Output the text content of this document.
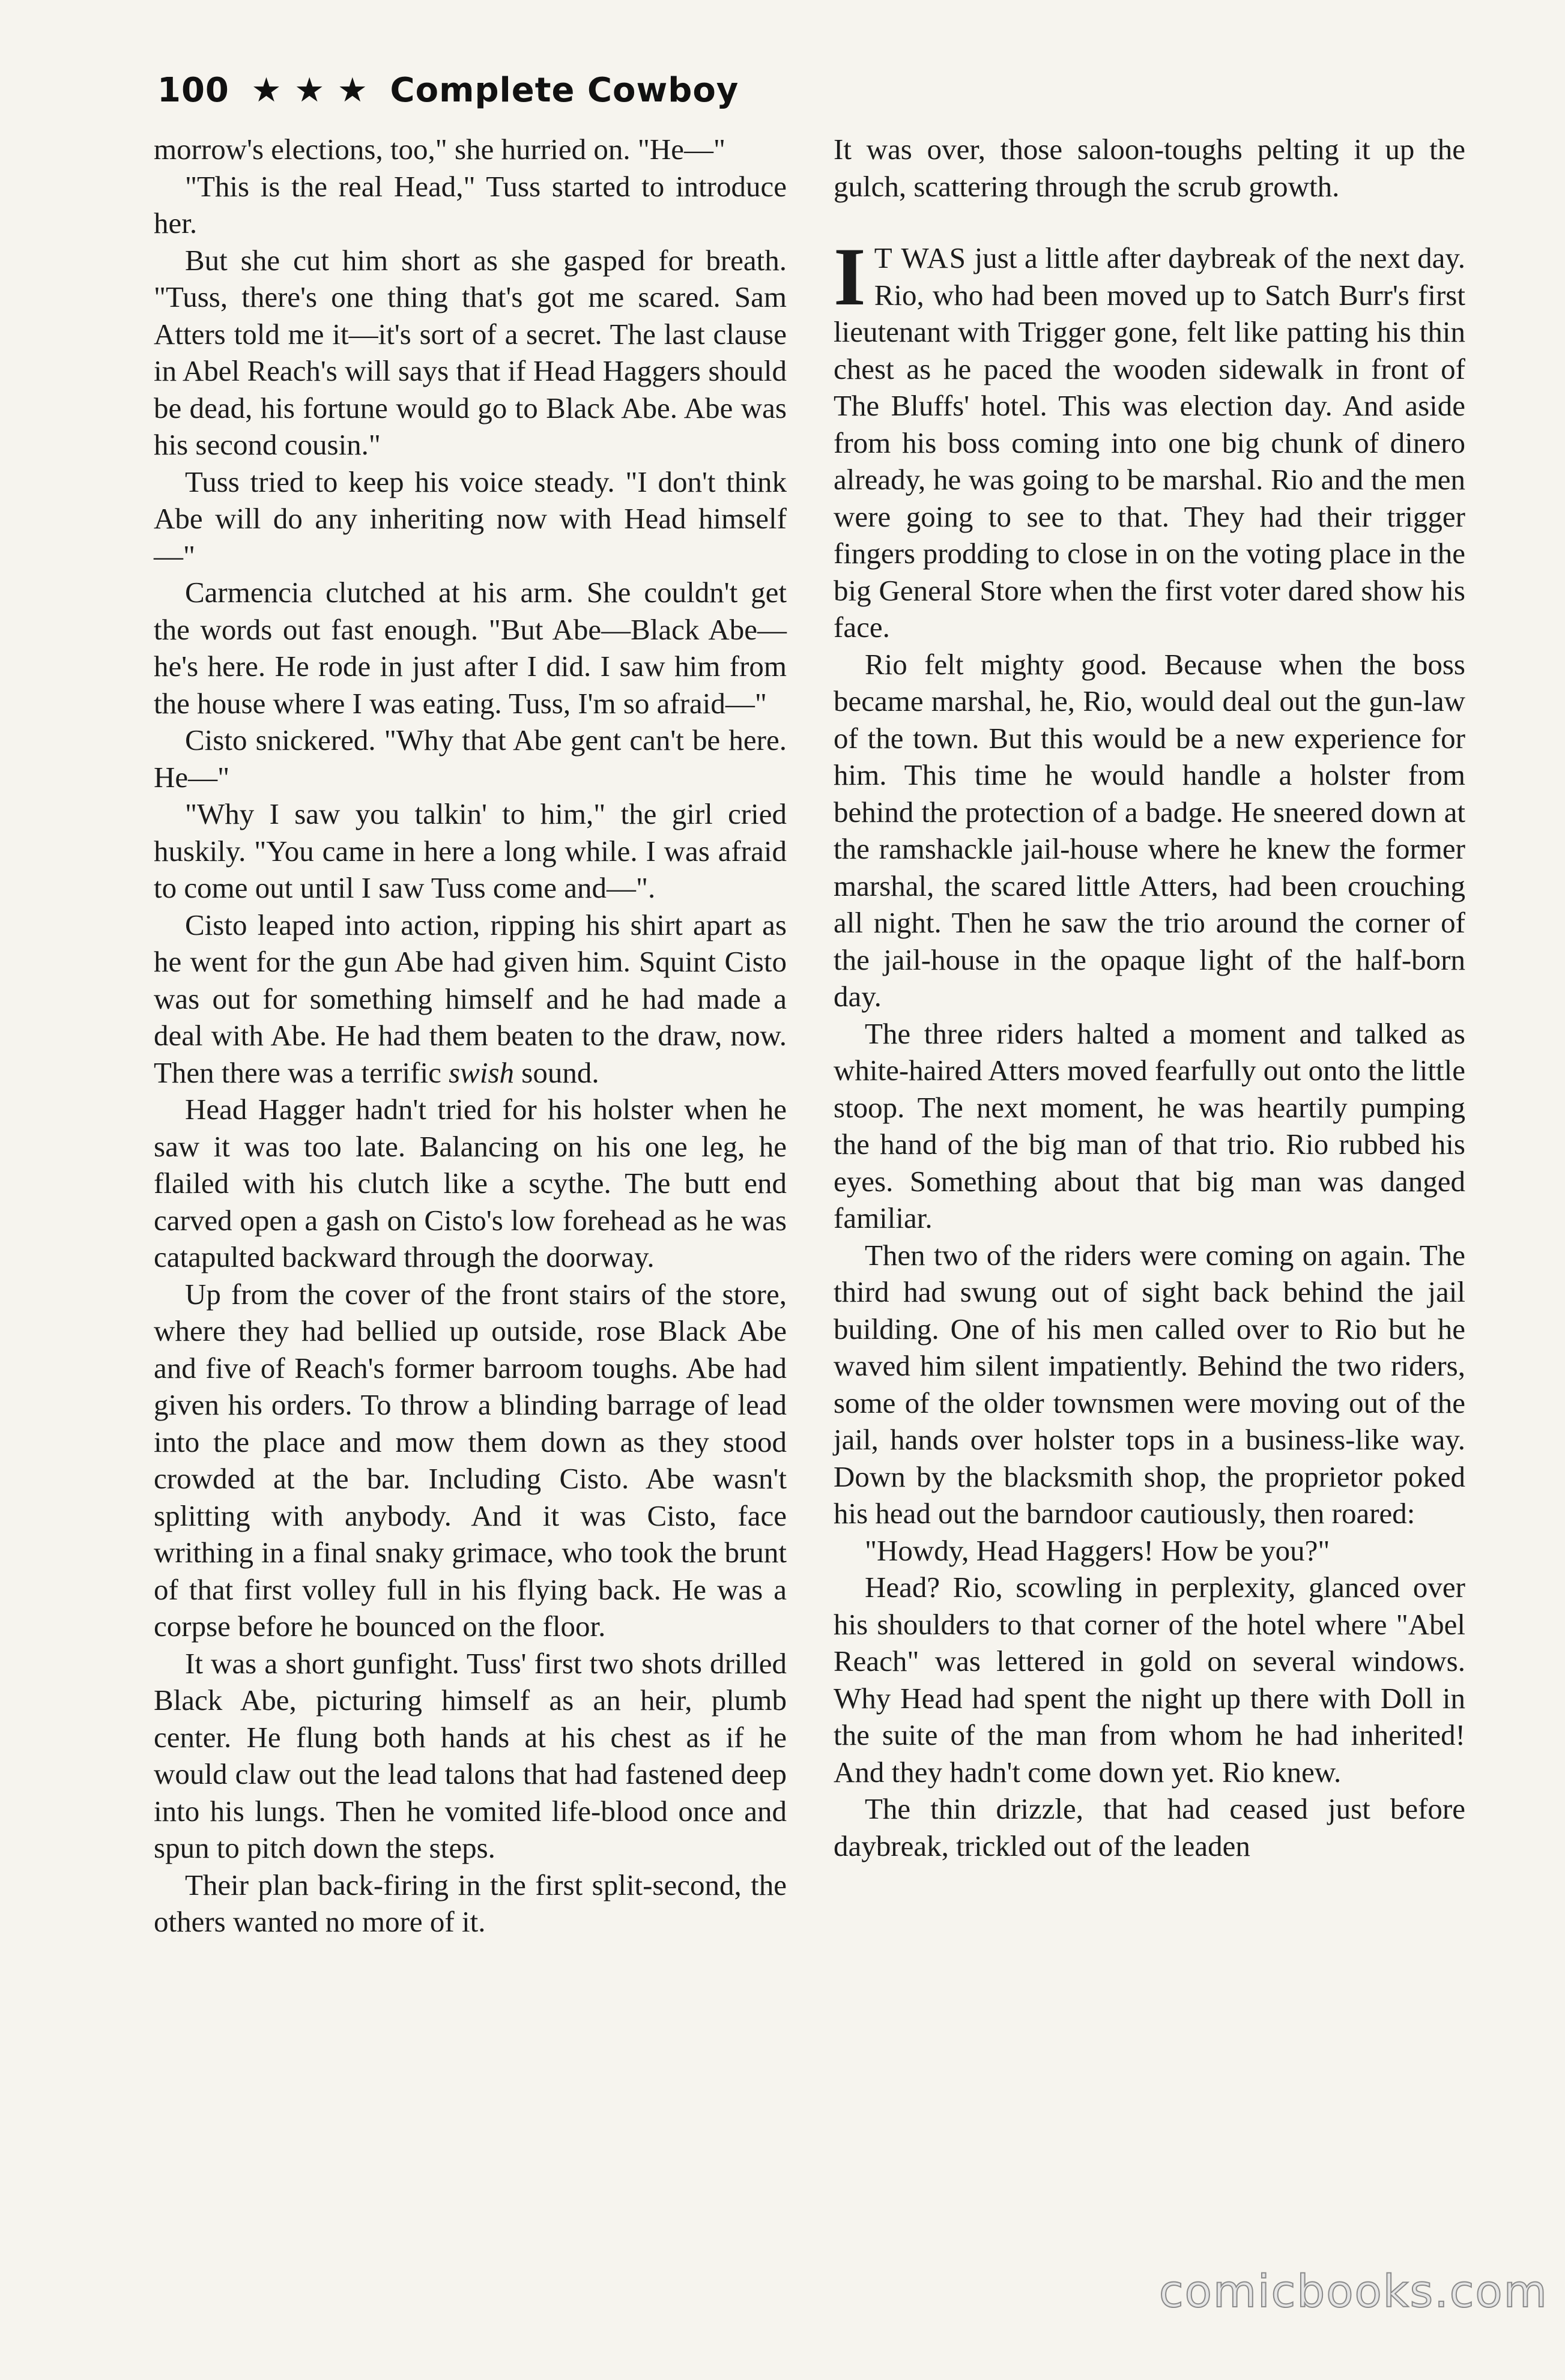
100 ★ ★ ★ Complete Cowboy

morrow's elections, too," she hurried on. "He—"

"This is the real Head," Tuss started to introduce her.

But she cut him short as she gasped for breath. "Tuss, there's one thing that's got me scared. Sam Atters told me it—it's sort of a secret. The last clause in Abel Reach's will says that if Head Haggers should be dead, his fortune would go to Black Abe. Abe was his second cousin."

Tuss tried to keep his voice steady. "I don't think Abe will do any inheriting now with Head himself—"

Carmencia clutched at his arm. She couldn't get the words out fast enough. "But Abe—Black Abe—he's here. He rode in just after I did. I saw him from the house where I was eating. Tuss, I'm so afraid—"

Cisto snickered. "Why that Abe gent can't be here. He—"

"Why I saw you talkin' to him," the girl cried huskily. "You came in here a long while. I was afraid to come out until I saw Tuss come and—".

Cisto leaped into action, ripping his shirt apart as he went for the gun Abe had given him. Squint Cisto was out for something himself and he had made a deal with Abe. He had them beaten to the draw, now. Then there was a terrific swish sound.

Head Hagger hadn't tried for his holster when he saw it was too late. Balancing on his one leg, he flailed with his clutch like a scythe. The butt end carved open a gash on Cisto's low forehead as he was catapulted backward through the doorway.

Up from the cover of the front stairs of the store, where they had bellied up outside, rose Black Abe and five of Reach's former barroom toughs. Abe had given his orders. To throw a blinding barrage of lead into the place and mow them down as they stood crowded at the bar. Including Cisto. Abe wasn't splitting with anybody. And it was Cisto, face writhing in a final snaky grimace, who took the brunt of that first volley full in his flying back. He was a corpse before he bounced on the floor.

It was a short gunfight. Tuss' first two shots drilled Black Abe, picturing himself as an heir, plumb center. He flung both hands at his chest as if he would claw out the lead talons that had fastened deep into his lungs. Then he vomited life-blood once and spun to pitch down the steps.

Their plan back-firing in the first split-second, the others wanted no more of it.

It was over, those saloon-toughs pelting it up the gulch, scattering through the scrub growth.

I T WAS just a little after daybreak of the next day. Rio, who had been moved up to Satch Burr's first lieutenant with Trigger gone, felt like patting his thin chest as he paced the wooden sidewalk in front of The Bluffs' hotel. This was election day. And aside from his boss coming into one big chunk of dinero already, he was going to be marshal. Rio and the men were going to see to that. They had their trigger fingers prodding to close in on the voting place in the big General Store when the first voter dared show his face.

Rio felt mighty good. Because when the boss became marshal, he, Rio, would deal out the gun-law of the town. But this would be a new experience for him. This time he would handle a holster from behind the protection of a badge. He sneered down at the ramshackle jail-house where he knew the former marshal, the scared little Atters, had been crouching all night. Then he saw the trio around the corner of the jail-house in the opaque light of the half-born day.

The three riders halted a moment and talked as white-haired Atters moved fearfully out onto the little stoop. The next moment, he was heartily pumping the hand of the big man of that trio. Rio rubbed his eyes. Something about that big man was danged familiar.

Then two of the riders were coming on again. The third had swung out of sight back behind the jail building. One of his men called over to Rio but he waved him silent impatiently. Behind the two riders, some of the older townsmen were moving out of the jail, hands over holster tops in a business-like way. Down by the blacksmith shop, the proprietor poked his head out the barndoor cautiously, then roared:

"Howdy, Head Haggers! How be you?"

Head? Rio, scowling in perplexity, glanced over his shoulders to that corner of the hotel where "Abel Reach" was lettered in gold on several windows. Why Head had spent the night up there with Doll in the suite of the man from whom he had inherited! And they hadn't come down yet. Rio knew.

The thin drizzle, that had ceased just before daybreak, trickled out of the leaden

comicbooks.com
